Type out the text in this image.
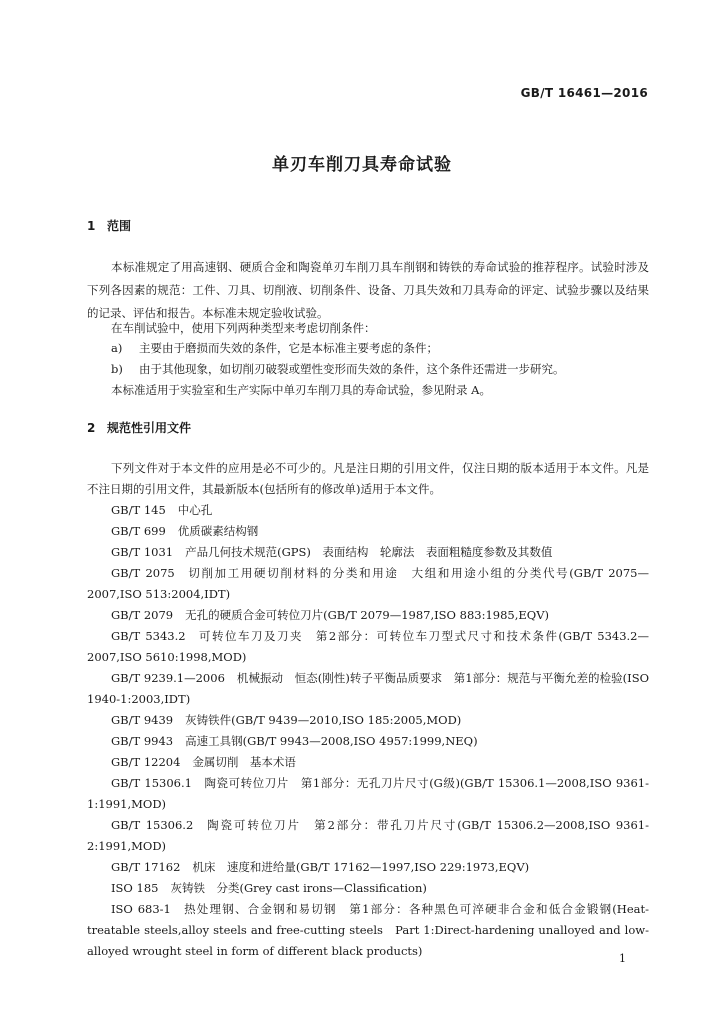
GB/T 16461—2016
单刃车削刀具寿命试验
1 范围

本标准规定了用高速钢、硬质合金和陶瓷单刃车削刀具车削钢和铸铁的寿命试验的推荐程序。试验时涉及下列各因素的规范：工件、刀具、切削液、切削条件、设备、刀具失效和刀具寿命的评定、试验步骤以及结果的记录、评估和报告。本标准未规定验收试验。

在车削试验中，使用下列两种类型来考虑切削条件：
a) 主要由于磨损而失效的条件，它是本标准主要考虑的条件；
b) 由于其他现象，如切削刃破裂或塑性变形而失效的条件，这个条件还需进一步研究。
本标准适用于实验室和生产实际中单刃车削刀具的寿命试验，参见附录 A。
2 规范性引用文件

下列文件对于本文件的应用是必不可少的。凡是注日期的引用文件，仅注日期的版本适用于本文件。凡是不注日期的引用文件，其最新版本(包括所有的修改单)适用于本文件。

GB/T 145 中心孔

GB/T 699 优质碳素结构钢

GB/T 1031 产品几何技术规范(GPS)　表面结构　轮廓法　表面粗糙度参数及其数值

GB/T 2075 切削加工用硬切削材料的分类和用途　大组和用途小组的分类代号(GB/T 2075—2007,ISO 513:2004,IDT)

GB/T 2079 无孔的硬质合金可转位刀片(GB/T 2079—1987,ISO 883:1985,EQV)

GB/T 5343.2 可转位车刀及刀夹　第2部分：可转位车刀型式尺寸和技术条件(GB/T 5343.2—2007,ISO 5610:1998,MOD)

GB/T 9239.1—2006 机械振动　恒态(刚性)转子平衡品质要求　第1部分：规范与平衡允差的检验(ISO 1940-1:2003,IDT)

GB/T 9439 灰铸铁件(GB/T 9439—2010,ISO 185:2005,MOD)

GB/T 9943 高速工具钢(GB/T 9943—2008,ISO 4957:1999,NEQ)

GB/T 12204 金属切削　基本术语

GB/T 15306.1 陶瓷可转位刀片　第1部分：无孔刀片尺寸(G级)(GB/T 15306.1—2008,ISO 9361-1:1991,MOD)

GB/T 15306.2 陶瓷可转位刀片　第2部分：带孔刀片尺寸(GB/T 15306.2—2008,ISO 9361-2:1991,MOD)

GB/T 17162 机床　速度和进给量(GB/T 17162—1997,ISO 229:1973,EQV)

ISO 185 灰铸铁　分类(Grey cast irons—Classification)

ISO 683-1 热处理钢、合金钢和易切钢　第1部分：各种黑色可淬硬非合金和低合金锻钢(Heat-treatable steels,alloy steels and free-cutting steels　Part 1:Direct-hardening unalloyed and low-alloyed wrought steel in form of different black products)

1
